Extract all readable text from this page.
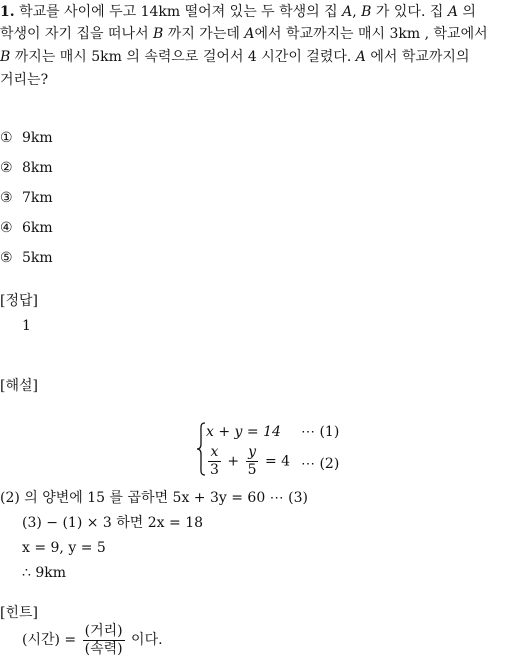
1. 학교를 사이에 두고 14km 떨어져 있는 두 학생의 집 A, B 가 있다. 집 A 의
학생이 자기 집을 떠나서 B 까지 가는데 A에서 학교까지는 매시 3km , 학교에서
B 까지는 매시 5km 의 속력으로 걸어서 4 시간이 걸렸다. A 에서 학교까지의
거리는?
① 9km
② 8km
③ 7km
④ 6km
⑤ 5km
[정답]
1
[해설]
x + y = 14 ⋯ (1)
$\frac{x}{3} + \frac{y}{5} = 4$ ⋯ (2)
(2) 의 양변에 15 를 곱하면 5x + 3y = 60 ⋯ (3)
(3) − (1) × 3 하면 2x = 18
x = 9, y = 5
∴ 9km
[힌트]
(시간) = $\frac{\text{(거리)}}{\text{(속력)}}$ 이다.
